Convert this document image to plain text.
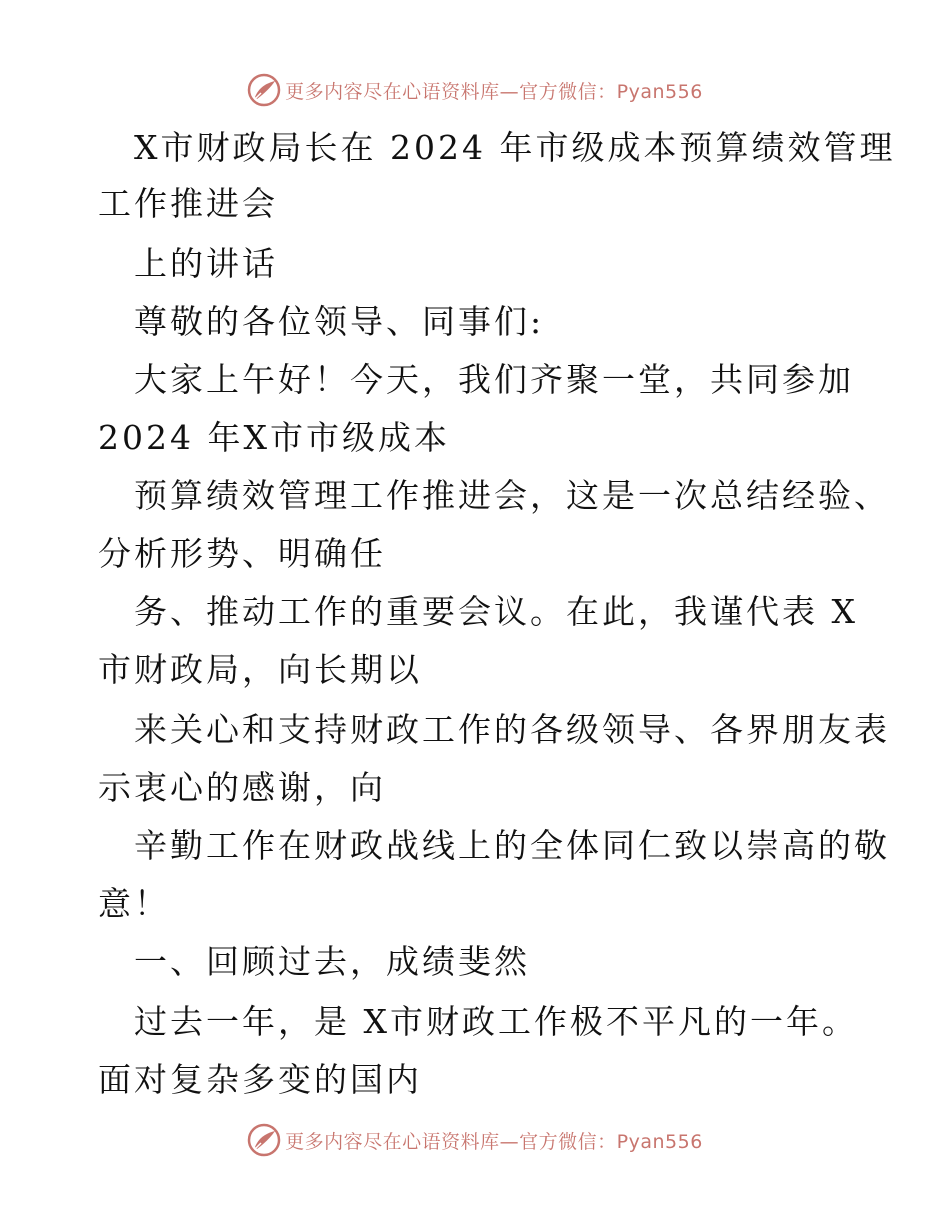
更多内容尽在心语资料库—官方微信：Pyan556
X市财政局长在 2024 年市级成本预算绩效管理
工作推进会
上的讲话
尊敬的各位领导、同事们:
大家上午好！今天，我们齐聚一堂，共同参加
2024 年X市市级成本
预算绩效管理工作推进会，这是一次总结经验、
分析形势、明确任
务、推动工作的重要会议。在此，我谨代表 X
市财政局，向长期以
来关心和支持财政工作的各级领导、各界朋友表
示衷心的感谢，向
辛勤工作在财政战线上的全体同仁致以崇高的敬
意！
一、回顾过去，成绩斐然
过去一年，是 X市财政工作极不平凡的一年。
面对复杂多变的国内
更多内容尽在心语资料库—官方微信：Pyan556
